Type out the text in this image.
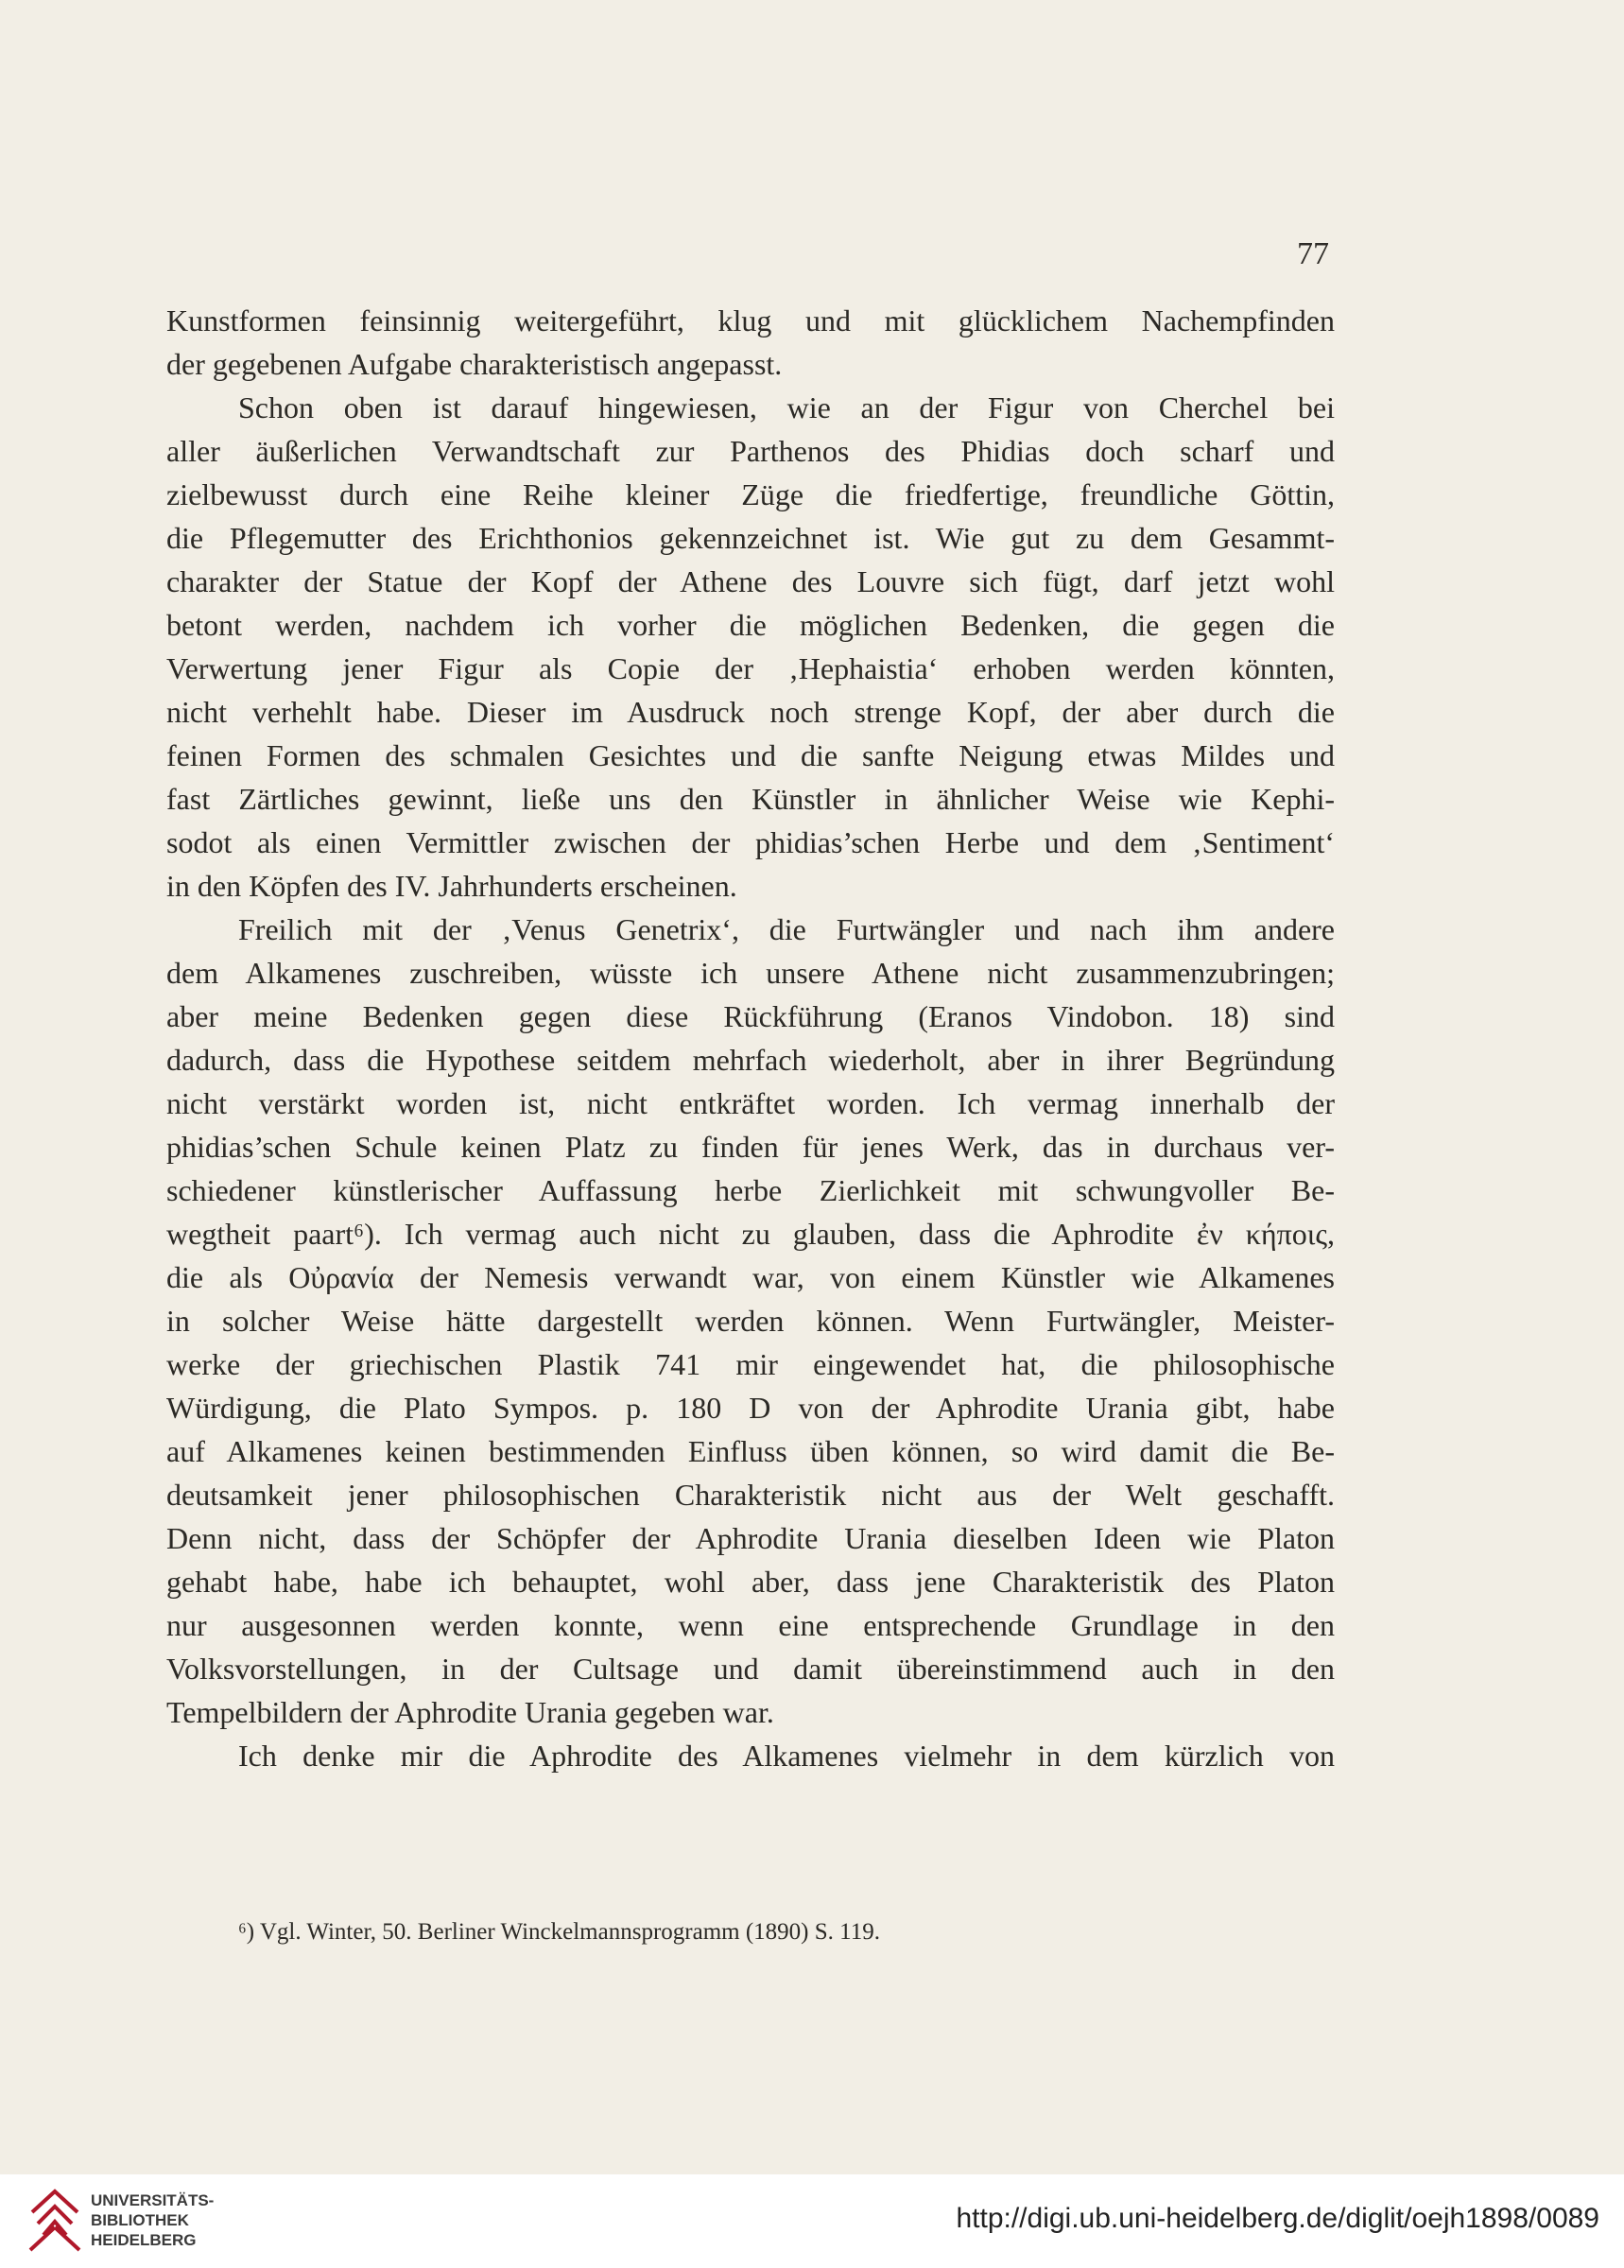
77
Kunstformen feinsinnig weitergeführt, klug und mit glücklichem Nachempfinden
der gegebenen Aufgabe charakteristisch angepasst.
Schon oben ist darauf hingewiesen, wie an der Figur von Cherchel bei
aller äußerlichen Verwandtschaft zur Parthenos des Phidias doch scharf und
zielbewusst durch eine Reihe kleiner Züge die friedfertige, freundliche Göttin,
die Pflegemutter des Erichthonios gekennzeichnet ist. Wie gut zu dem Gesammt-
charakter der Statue der Kopf der Athene des Louvre sich fügt, darf jetzt wohl
betont werden, nachdem ich vorher die möglichen Bedenken, die gegen die
Verwertung jener Figur als Copie der ‚Hephaistia‘ erhoben werden könnten,
nicht verhehlt habe. Dieser im Ausdruck noch strenge Kopf, der aber durch die
feinen Formen des schmalen Gesichtes und die sanfte Neigung etwas Mildes und
fast Zärtliches gewinnt, ließe uns den Künstler in ähnlicher Weise wie Kephi-
sodot als einen Vermittler zwischen der phidias’schen Herbe und dem ‚Sentiment‘
in den Köpfen des IV. Jahrhunderts erscheinen.
Freilich mit der ‚Venus Genetrix‘, die Furtwängler und nach ihm andere
dem Alkamenes zuschreiben, wüsste ich unsere Athene nicht zusammenzubringen;
aber meine Bedenken gegen diese Rückführung (Eranos Vindobon. 18) sind
dadurch, dass die Hypothese seitdem mehrfach wiederholt, aber in ihrer Begründung
nicht verstärkt worden ist, nicht entkräftet worden. Ich vermag innerhalb der
phidias’schen Schule keinen Platz zu finden für jenes Werk, das in durchaus ver-
schiedener künstlerischer Auffassung herbe Zierlichkeit mit schwungvoller Be-
wegtheit paart⁶). Ich vermag auch nicht zu glauben, dass die Aphrodite ἐν κήποις,
die als Οὐρανία der Nemesis verwandt war, von einem Künstler wie Alkamenes
in solcher Weise hätte dargestellt werden können. Wenn Furtwängler, Meister-
werke der griechischen Plastik 741 mir eingewendet hat, die philosophische
Würdigung, die Plato Sympos. p. 180 D von der Aphrodite Urania gibt, habe
auf Alkamenes keinen bestimmenden Einfluss üben können, so wird damit die Be-
deutsamkeit jener philosophischen Charakteristik nicht aus der Welt geschafft.
Denn nicht, dass der Schöpfer der Aphrodite Urania dieselben Ideen wie Platon
gehabt habe, habe ich behauptet, wohl aber, dass jene Charakteristik des Platon
nur ausgesonnen werden konnte, wenn eine entsprechende Grundlage in den
Volksvorstellungen, in der Cultsage und damit übereinstimmend auch in den
Tempelbildern der Aphrodite Urania gegeben war.
Ich denke mir die Aphrodite des Alkamenes vielmehr in dem kürzlich von
⁶) Vgl. Winter, 50. Berliner Winckelmannsprogramm (1890) S. 119.
UNIVERSITÄTS-
BIBLIOTHEK
HEIDELBERG
http://digi.ub.uni-heidelberg.de/diglit/oejh1898/0089
